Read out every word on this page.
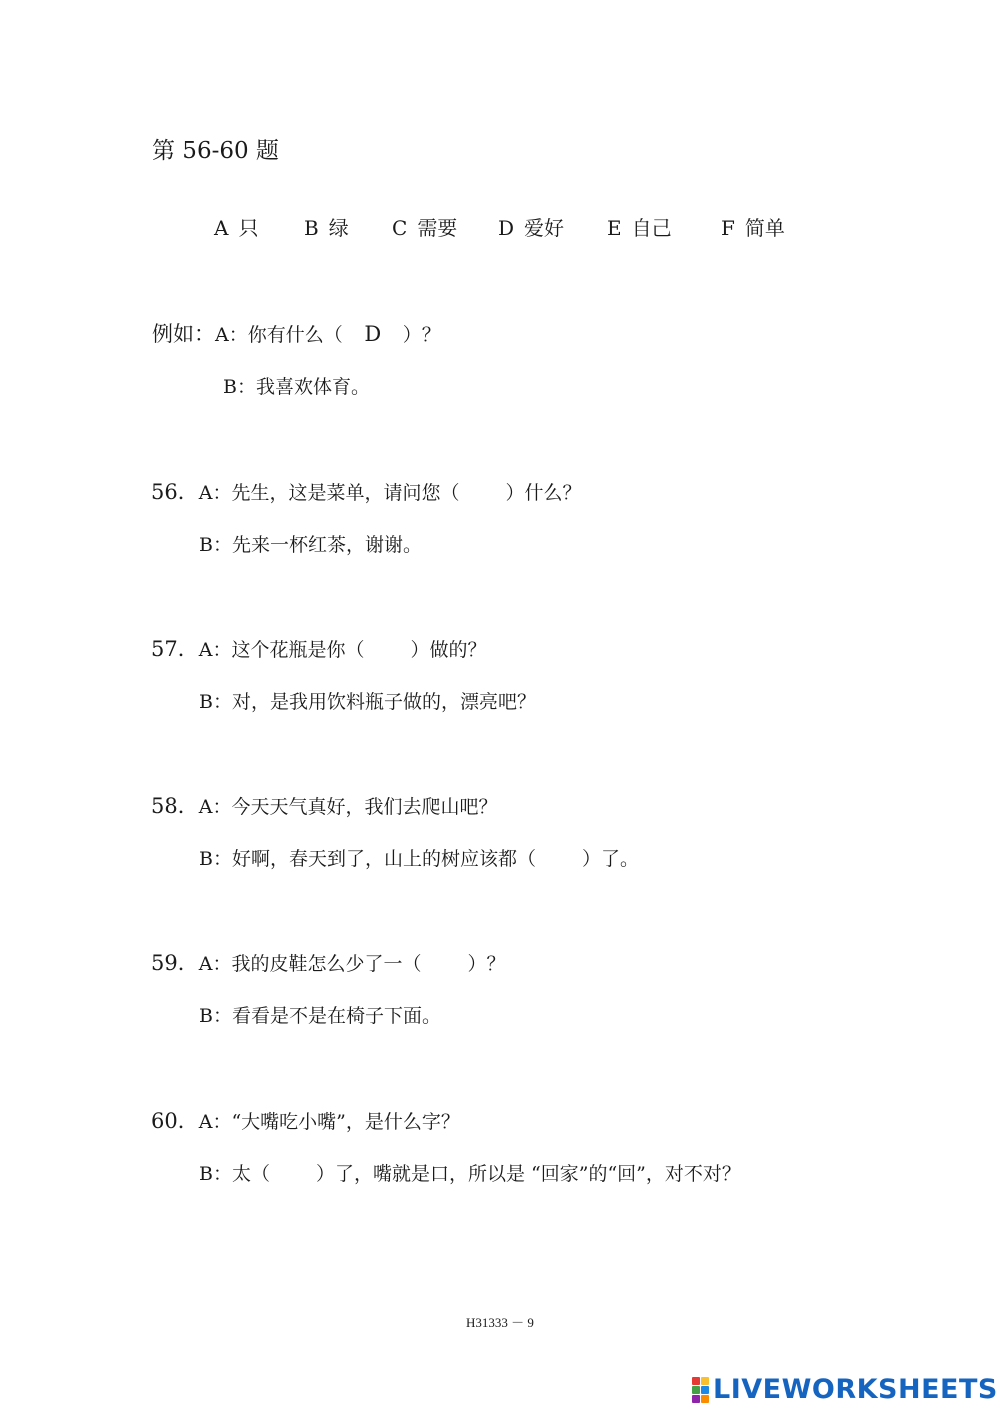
第 56-60 题
A 只 B 绿 C 需要 D 爱好 E 自己 F 简单
例如：A：你有什么（ D ）？
B：我喜欢体育。
56．A：先生，这是菜单，请问您（ ）什么？
B：先来一杯红茶，谢谢。
57．A：这个花瓶是你（ ）做的？
B：对，是我用饮料瓶子做的，漂亮吧？
58．A：今天天气真好，我们去爬山吧？
B：好啊，春天到了，山上的树应该都（ ）了。
59．A：我的皮鞋怎么少了一（ ）？
B：看看是不是在椅子下面。
60．A：“大嘴吃小嘴”，是什么字？
B：太（ ）了，嘴就是口，所以是 “回家”的“回”，对不对？
H31333 － 9
LIVEWORKSHEETS
